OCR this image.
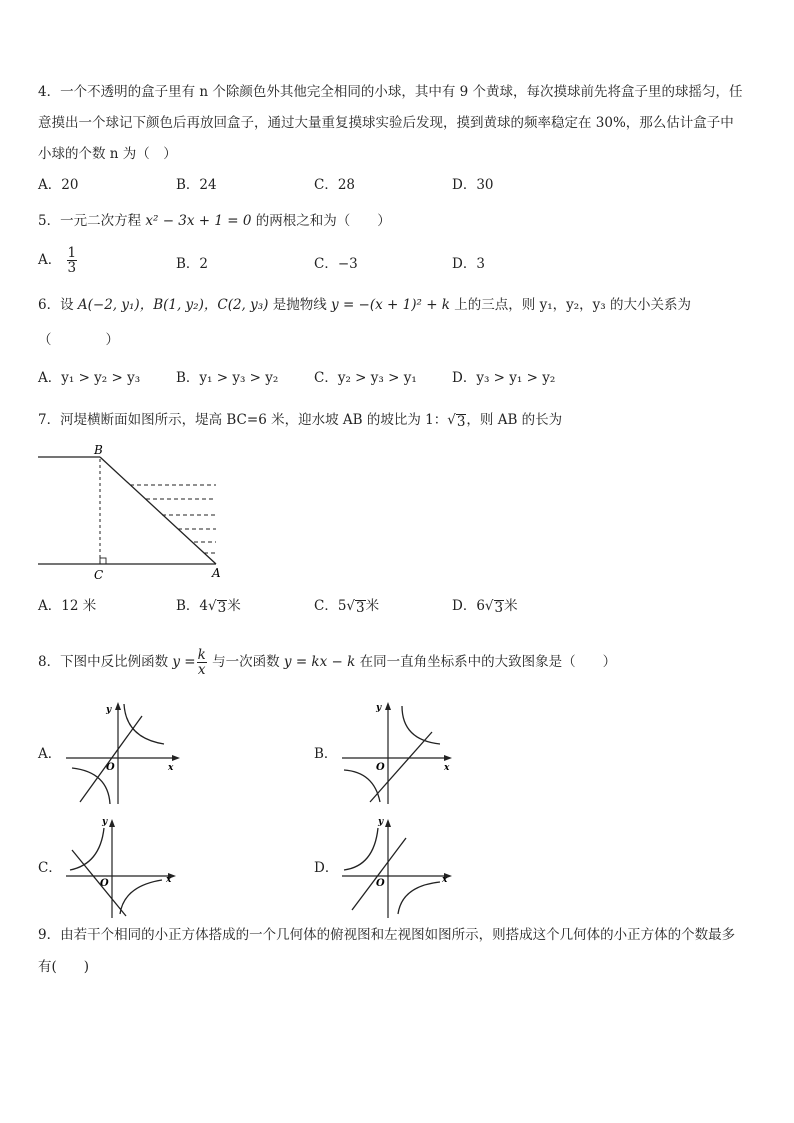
4．一个不透明的盒子里有 n 个除颜色外其他完全相同的小球，其中有 9 个黄球，每次摸球前先将盒子里的球摇匀，任
意摸出一个球记下颜色后再放回盒子，通过大量重复摸球实验后发现，摸到黄球的频率稳定在 30%，那么估计盒子中
小球的个数 n 为（　）
A．20	B．24	C．28	D．30
5．一元二次方程 x² − 3x + 1 = 0 的两根之和为（　　）
A． $\frac{1}{3}$	B．2	C．−3	D．3
6．设 A(−2, y₁)，B(1, y₂)，C(2, y₃) 是抛物线 y = −(x + 1)² + k 上的三点，则 y₁，y₂，y₃ 的大小关系为
（　　　　）
A．y₁ > y₂ > y₃	B．y₁ > y₃ > y₂	C．y₂ > y₃ > y₁	D．y₃ > y₁ > y₂
7．河堤横断面如图所示，堤高 BC=6 米，迎水坡 AB 的坡比为 1：√ 3 ，则 AB 的长为
B
C	A
A．12 米	B．4√ 3 米	C．5√ 3 米	D．6√ 3 米
8．下图中反比例函数 $y = \frac{k}{x}$ 与一次函数 y = kx − k 在同一直角坐标系中的大致图象是（　　）
A．	B．
C．	D．
x
y
O	x
y
O
x
y
O	x
y
O
9．由若干个相同的小正方体搭成的一个几何体的俯视图和左视图如图所示，则搭成这个几何体的小正方体的个数最多
有(　　)
